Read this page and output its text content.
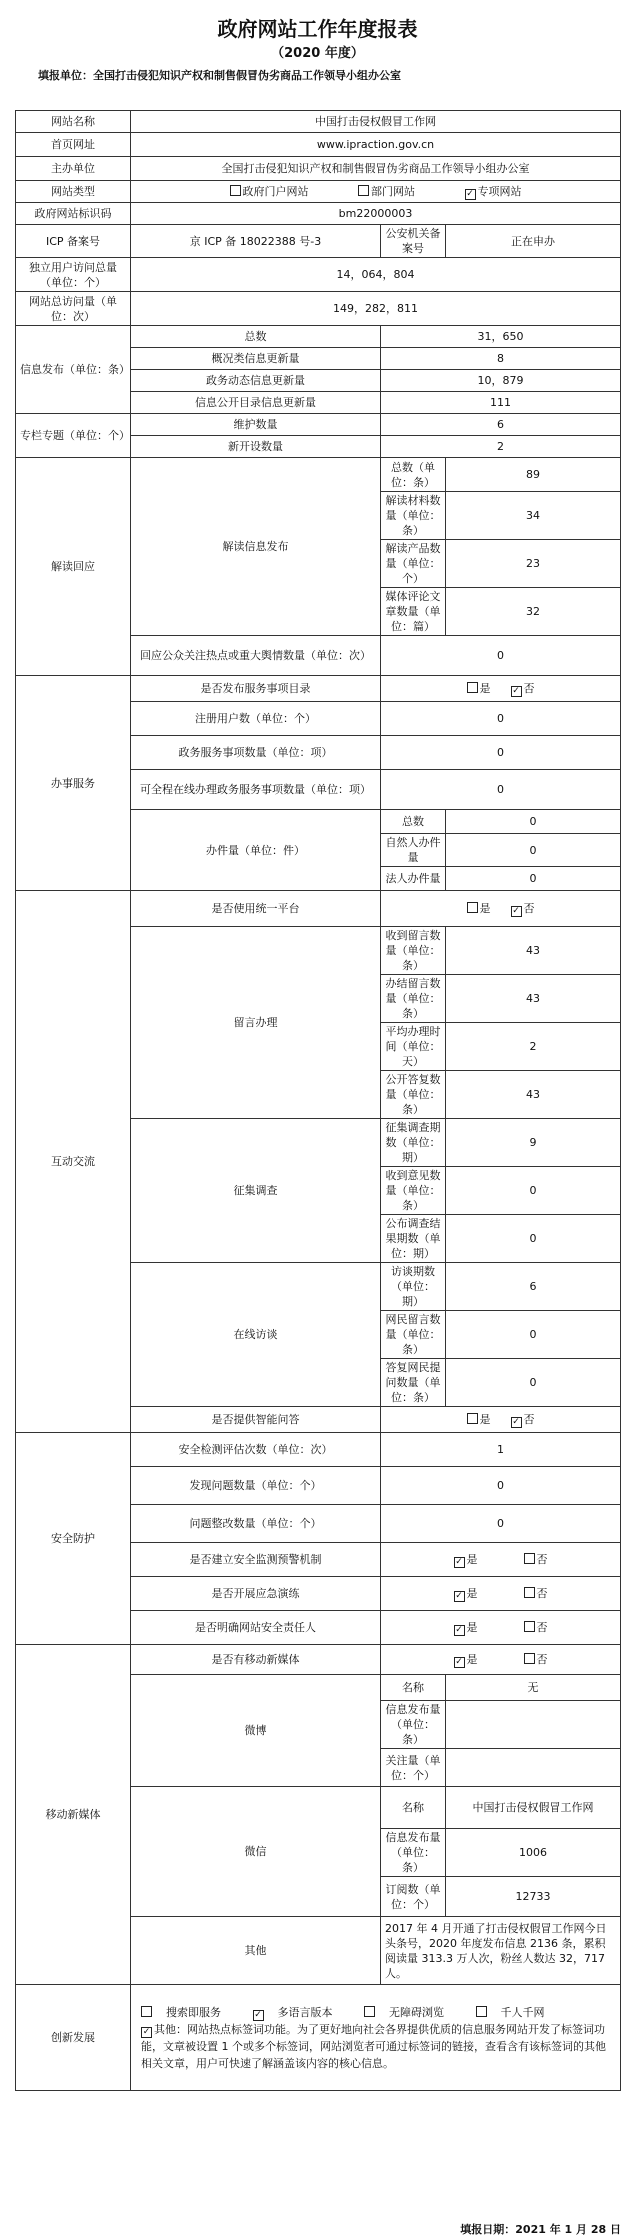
政府网站工作年度报表
（2020 年度）
填报单位：全国打击侵犯知识产权和制售假冒伪劣商品工作领导小组办公室
网站名称	中国打击侵权假冒工作网		
首页网址	www.ipraction.gov.cn		
主办单位	全国打击侵犯知识产权和制售假冒伪劣商品工作领导小组办公室		
网站类型	政府门户网站 部门网站 ✓ 专项网站
政府网站标识码	bm22000003		
ICP 备案号	京 ICP 备 18022388 号-3	公安机关备案号	正在申办
独立用户访问总量（单位：个）	14，064，804		
网站总访问量（单位：次）	149，282，811		
信息发布（单位：条）	总数	31，650	
	概况类信息更新量	8	
	政务动态信息更新量	10，879	
	信息公开目录信息更新量	111	
专栏专题（单位：个）	维护数量	6	
	新开设数量	2	
解读回应	解读信息发布	总数（单位：条）	89
		解读材料数量（单位：条）	34
		解读产品数量（单位：个）	23
		媒体评论文章数量（单位：篇）	32
	回应公众关注热点或重大舆情数量（单位：次）	0	
办事服务	是否发布服务事项目录	是 ✓ 否
	注册用户数（单位：个）	0	
	政务服务事项数量（单位：项）	0	
	可全程在线办理政务服务事项数量（单位：项）	0	
	办件量（单位：件）	总数	0
		自然人办件量	0
		法人办件量	0
互动交流	是否使用统一平台	是 ✓ 否
	留言办理	收到留言数量（单位：条）	43
		办结留言数量（单位：条）	43
		平均办理时间（单位：天）	2
		公开答复数量（单位：条）	43
	征集调查	征集调查期数（单位：期）	9
		收到意见数量（单位：条）	0
		公布调查结果期数（单位：期）	0
	在线访谈	访谈期数（单位：期）	6
		网民留言数量（单位：条）	0
		答复网民提问数量（单位：条）	0
	是否提供智能问答	是 ✓ 否
安全防护	安全检测评估次数（单位：次）	1	
	发现问题数量（单位：个）	0	
	问题整改数量（单位：个）	0	
	是否建立安全监测预警机制	✓是 否
	是否开展应急演练	✓是 否
	是否明确网站安全责任人	✓是 否
移动新媒体	是否有移动新媒体	✓是 否
	微博	名称	无
		信息发布量（单位：条）	
		关注量（单位：个）	
	微信	名称	中国打击侵权假冒工作网
		信息发布量（单位：条）	1006
		订阅数（单位：个）	12733
	其他	2017 年 4 月开通了打击侵权假冒工作网今日头条号，2020 年度发布信息 2136 条，累积阅读量 313.3 万人次，粉丝人数达 32，717 人。	
创新发展	搜索即服务 ✓ 多语言版本 无障碍浏览 千人千网
✓其他：网站热点标签词功能。为了更好地向社会各界提供优质的信息服务网站开发了标签词功能，文章被设置 1 个或多个标签词，网站浏览者可通过标签词的链接，查看含有该标签词的其他相关文章，用户可快速了解涵盖该内容的核心信息。
填报日期：2021 年 1 月 28 日
